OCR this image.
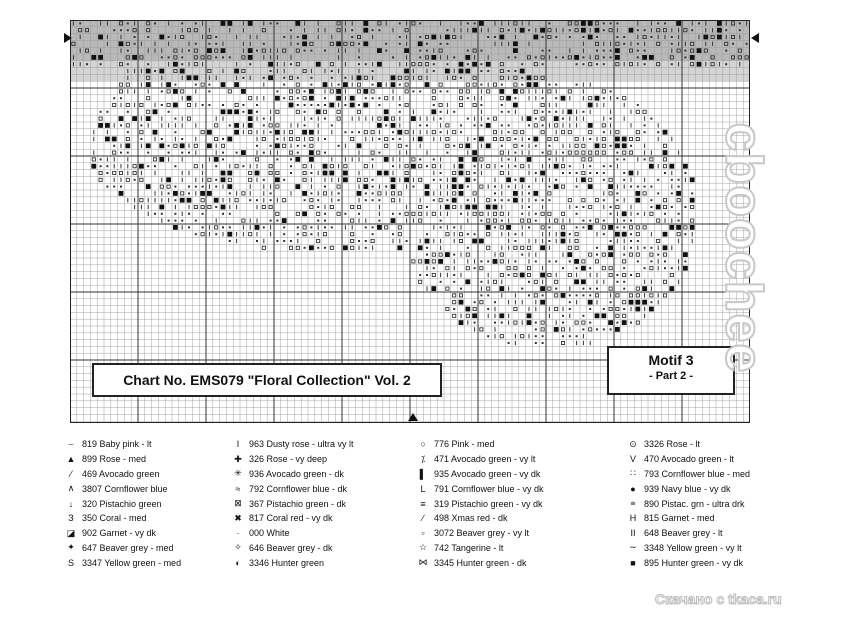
Chart No. EMS079 "Floral Collection" Vol. 2
Motif 3
- Part 2 -
cboochee
⌣ 819 Baby pink - lt
▲ 899 Rose - med
⁄	469 Avocado green
∧ 3807 Cornflower blue
↓ 320 Pistachio green
З 350 Coral - med
◪ 902 Garnet - vy dk
✦ 647 Beaver grey - med
S 3347 Yellow green - med
I	963 Dusty rose - ultra vy lt
✚ 326 Rose - vy deep
✳ 936 Avocado green - dk
≈ 792 Cornflower blue - dk
⊠ 367 Pistachio green - dk
✖ 817 Coral red - vy dk
·	000 White
✧ 646 Beaver grey - dk
◐ 3346 Hunter green
○ 776 Pink - med
⁒ 471 Avocado green - vy lt
▌ 935 Avocado green - vy dk
L 791 Cornflower blue - vy dk
≡ 319 Pistachio green - vy dk
∕	498 Xmas red - dk
▫	3072 Beaver grey - vy lt
☆ 742 Tangerine - lt
⋈ 3345 Hunter green - dk
⊙ 3326 Rose - lt
V 470 Avocado green - lt
∷ 793 Cornflower blue - med
● 939 Navy blue - vy dk
⩧ 890 Pistac. grn - ultra drk
H 815 Garnet - med
II 648 Beaver grey - lt
∼ 3348 Yellow green - vy lt
■ 895 Hunter green - vy dk
Скачано с tkaca.ru
